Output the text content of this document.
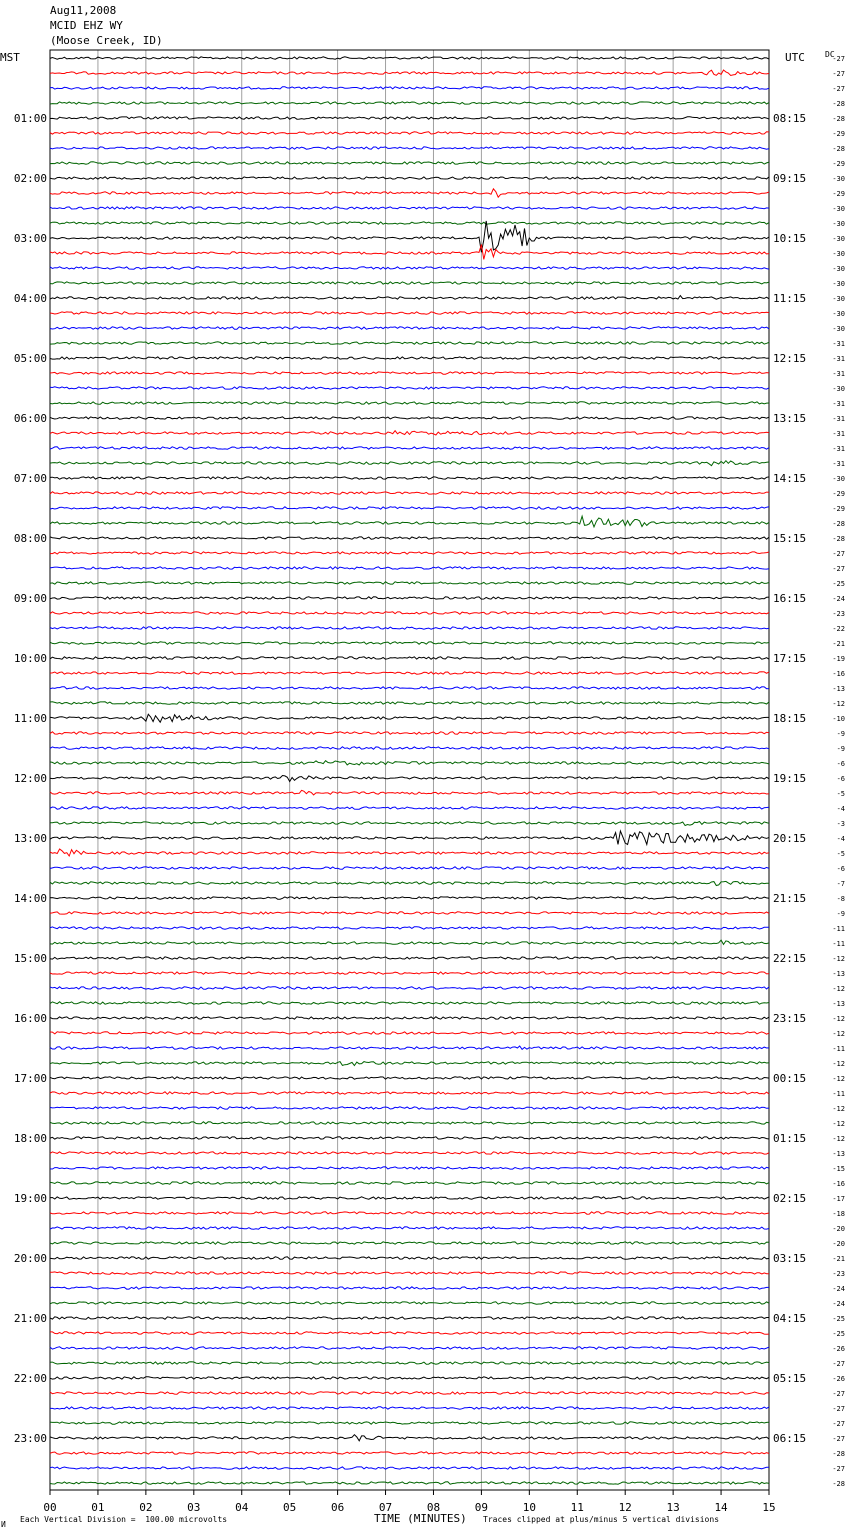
Aug11,2008
MCID EHZ WY
(Moose Creek, ID)
01:00
02:00
03:00
04:00
05:00
06:00
07:00
08:00
09:00
10:00
11:00
12:00
13:00
14:00
15:00
16:00
17:00
18:00
19:00
20:00
21:00
22:00
23:00
08:15
09:15
10:15
11:15
12:15
13:15
14:15
15:15
16:15
17:15
18:15
19:15
20:15
21:15
22:15
23:15
00:15
01:15
02:15
03:15
04:15
05:15
06:15
-27
-27
-27
-28
-28
-29
-28
-29
-30
-29
-30
-30
-30
-30
-30
-30
-30
-30
-30
-31
-31
-31
-30
-31
-31
-31
-31
-31
-30
-29
-29
-28
-28
-27
-27
-25
-24
-23
-22
-21
-19
-16
-13
-12
-10
-9
-9
-6
-6
-5
-4
-3
-4
-5
-6
-7
-8
-9
-11
-11
-12
-13
-12
-13
-12
-12
-11
-12
-12
-11
-12
-12
-12
-13
-15
-16
-17
-18
-20
-20
-21
-23
-24
-24
-25
-25
-26
-27
-26
-27
-27
-27
-27
-28
-27
-28
00	01	02	03	04	05	06	07	08	09	10	11	12	13	14	15
MST	UTC	DC
TIME (MINUTES)
И
Each Vertical Division =  100.00 microvolts	Traces clipped at plus/minus 5 vertical divisions
